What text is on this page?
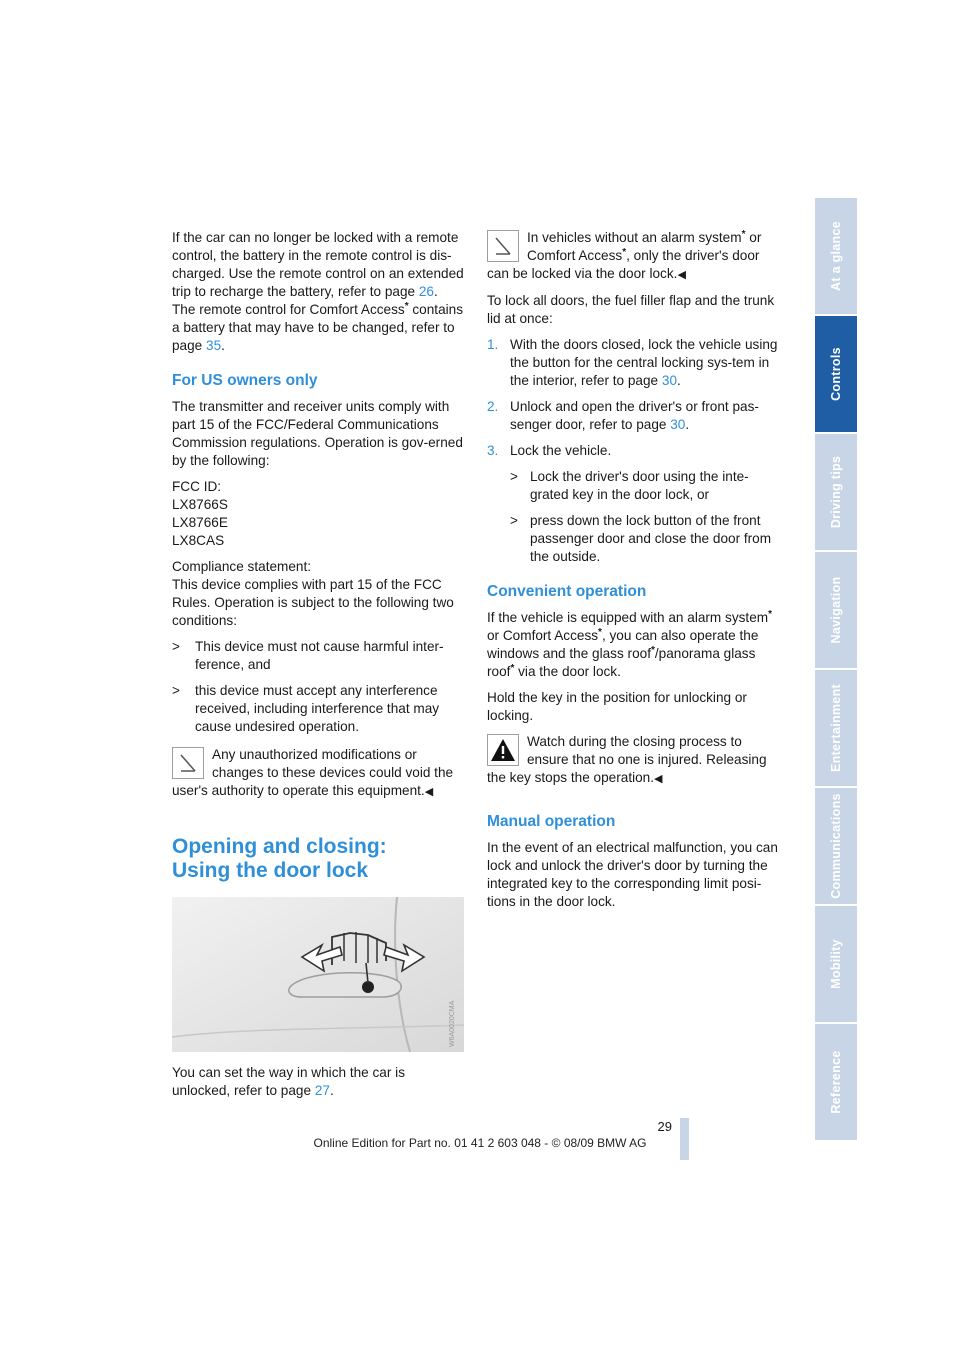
If the car can no longer be locked with a remote control, the battery in the remote control is dis-charged. Use the remote control on an extended trip to recharge the battery, refer to page 26. The remote control for Comfort Access* contains a battery that may have to be changed, refer to page 35.

For US owners only

The transmitter and receiver units comply with part 15 of the FCC/Federal Communications Commission regulations. Operation is gov-erned by the following:

FCC ID:
LX8766S
LX8766E
LX8CAS

Compliance statement:
This device complies with part 15 of the FCC Rules. Operation is subject to the following two conditions:

> This device must not cause harmful inter-ference, and
> this device must accept any interference received, including interference that may cause undesired operation.

Any unauthorized modifications or changes to these devices could void the user's authority to operate this equipment.◀

Opening and closing:
Using the door lock
W6A0020CMA

You can set the way in which the car is unlocked, refer to page 27.

In vehicles without an alarm system* or Comfort Access*, only the driver's door can be locked via the door lock.◀

To lock all doors, the fuel filler flap and the trunk lid at once:

1. With the doors closed, lock the vehicle using the button for the central locking sys-tem in the interior, refer to page 30.
2. Unlock and open the driver's or front pas-senger door, refer to page 30.
3. Lock the vehicle.
> Lock the driver's door using the inte-grated key in the door lock, or
> press down the lock button of the front passenger door and close the door from the outside.
Convenient operation

If the vehicle is equipped with an alarm system* or Comfort Access*, you can also operate the windows and the glass roof*/panorama glass roof* via the door lock.

Hold the key in the position for unlocking or locking.

Watch during the closing process to ensure that no one is injured. Releasing the key stops the operation.◀

Manual operation

In the event of an electrical malfunction, you can lock and unlock the driver's door by turning the integrated key to the corresponding limit posi-tions in the door lock.

At a glance
Controls
Driving tips
Navigation
Entertainment
Communications
Mobility
Reference
29
Online Edition for Part no. 01 41 2 603 048 - © 08/09 BMW AG
